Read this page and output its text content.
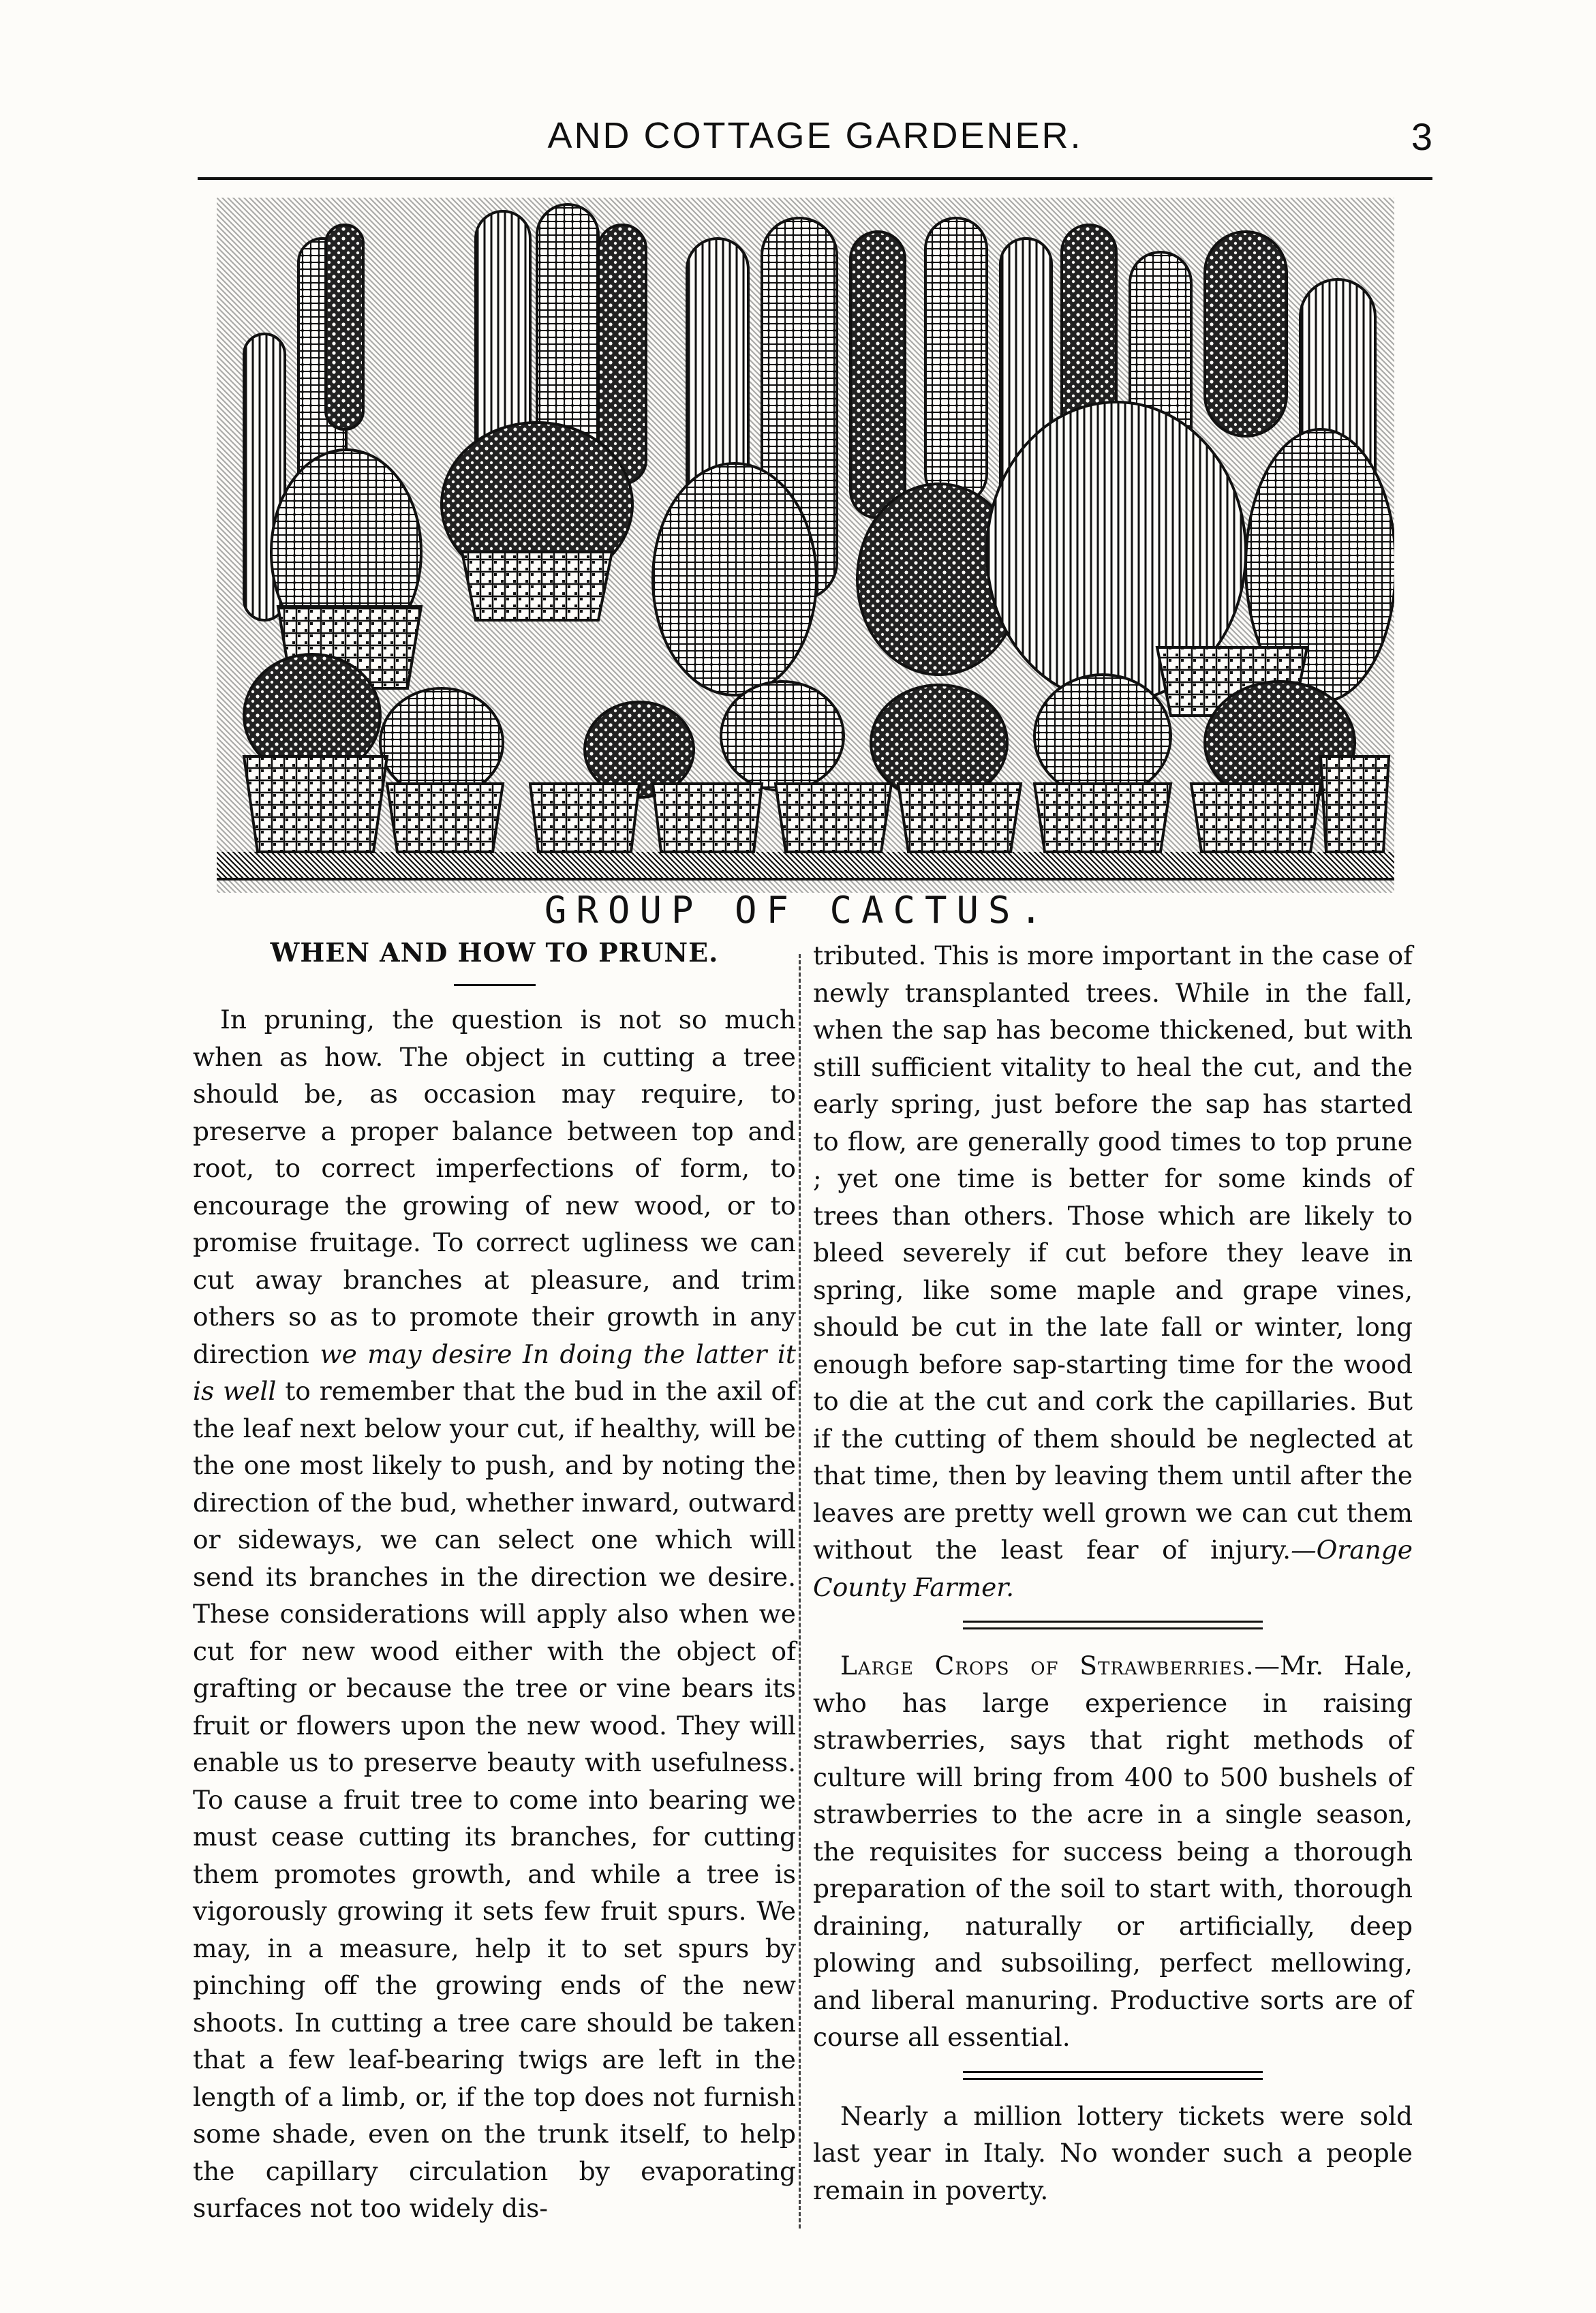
AND COTTAGE GARDENER.	3
GROUP OF CACTUS.
WHEN AND HOW TO PRUNE.

In pruning, the question is not so much when as how. The object in cutting a tree should be, as occasion may require, to preserve a proper balance between top and root, to correct imperfections of form, to encourage the growing of new wood, or to promise fruitage. To correct ugliness we can cut away branches at pleasure, and trim others so as to promote their growth in any direction we may desire In doing the latter it is well to remember that the bud in the axil of the leaf next below your cut, if healthy, will be the one most likely to push, and by noting the direction of the bud, whether inward, outward or sideways, we can select one which will send its branches in the direction we desire. These considerations will apply also when we cut for new wood either with the object of grafting or because the tree or vine bears its fruit or flowers upon the new wood. They will enable us to preserve beauty with usefulness. To cause a fruit tree to come into bearing we must cease cutting its branches, for cutting them promotes growth, and while a tree is vigorously growing it sets few fruit spurs. We may, in a measure, help it to set spurs by pinching off the growing ends of the new shoots. In cutting a tree care should be taken that a few leaf-bearing twigs are left in the length of a limb, or, if the top does not furnish some shade, even on the trunk itself, to help the capillary circulation by evaporating surfaces not too widely dis-

tributed. This is more important in the case of newly transplanted trees. While in the fall, when the sap has become thickened, but with still sufficient vitality to heal the cut, and the early spring, just before the sap has started to flow, are generally good times to top prune ; yet one time is better for some kinds of trees than others. Those which are likely to bleed severely if cut before they leave in spring, like some maple and grape vines, should be cut in the late fall or winter, long enough before sap-starting time for the wood to die at the cut and cork the capillaries. But if the cutting of them should be neglected at that time, then by leaving them until after the leaves are pretty well grown we can cut them without the least fear of injury.—Orange County Farmer.

Large Crops of Strawberries.—Mr. Hale, who has large experience in raising strawberries, says that right methods of culture will bring from 400 to 500 bushels of strawberries to the acre in a single season, the requisites for success being a thorough preparation of the soil to start with, thorough draining, naturally or artificially, deep plowing and subsoiling, perfect mellowing, and liberal manuring. Productive sorts are of course all essential.

Nearly a million lottery tickets were sold last year in Italy. No wonder such a people remain in poverty.
